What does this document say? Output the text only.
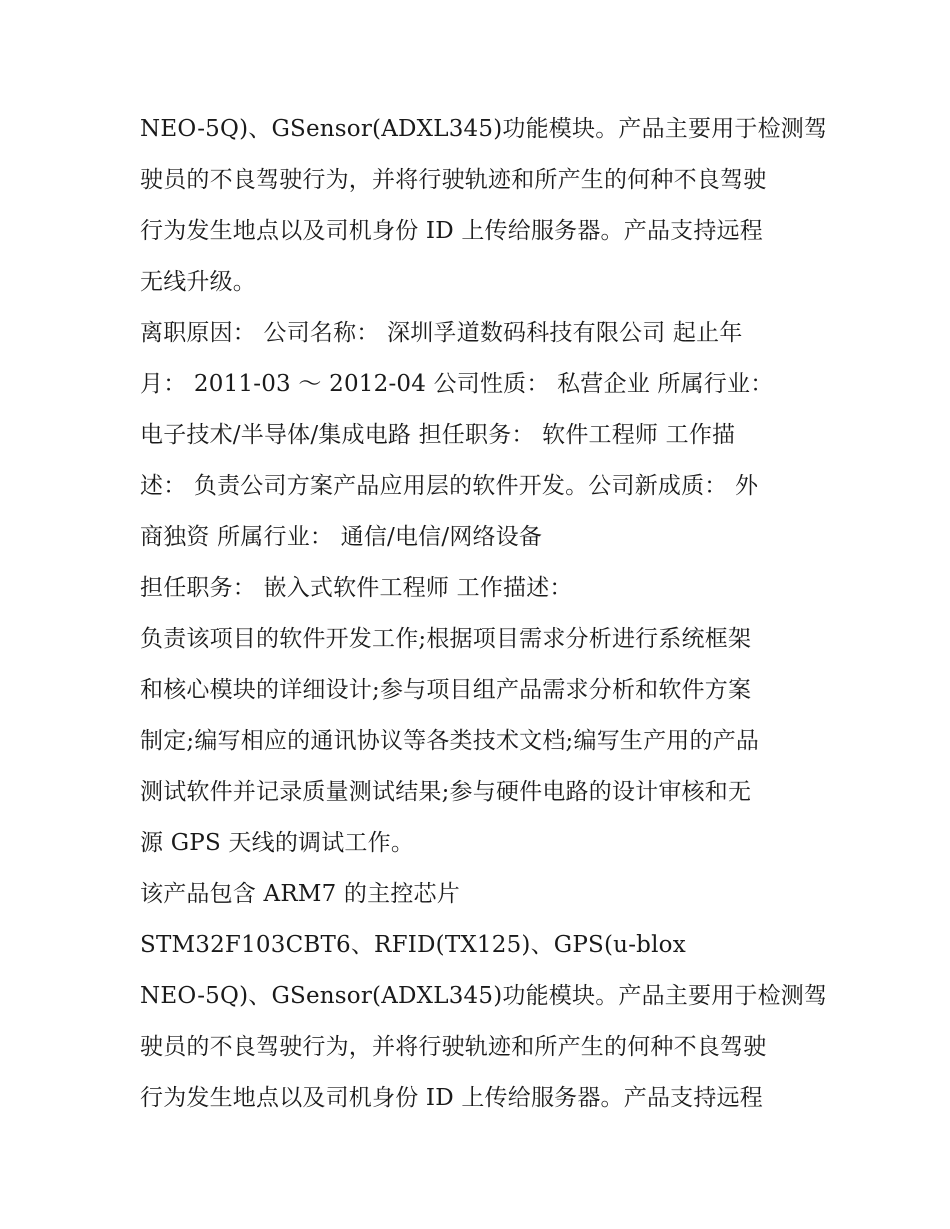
NEO-5Q)、GSensor(ADXL345)功能模块。产品主要用于检测驾
驶员的不良驾驶行为，并将行驶轨迹和所产生的何种不良驾驶
行为发生地点以及司机身份 ID 上传给服务器。产品支持远程
无线升级。
离职原因： 公司名称： 深圳孚道数码科技有限公司 起止年
月： 2011-03 ～ 2012-04 公司性质： 私营企业 所属行业：
电子技术/半导体/集成电路 担任职务： 软件工程师 工作描
述： 负责公司方案产品应用层的软件开发。公司新成质： 外
商独资 所属行业： 通信/电信/网络设备
担任职务： 嵌入式软件工程师 工作描述：
负责该项目的软件开发工作;根据项目需求分析进行系统框架
和核心模块的详细设计;参与项目组产品需求分析和软件方案
制定;编写相应的通讯协议等各类技术文档;编写生产用的产品
测试软件并记录质量测试结果;参与硬件电路的设计审核和无
源 GPS 天线的调试工作。
该产品包含 ARM7 的主控芯片
STM32F103CBT6、RFID(TX125)、GPS(u-blox
NEO-5Q)、GSensor(ADXL345)功能模块。产品主要用于检测驾
驶员的不良驾驶行为，并将行驶轨迹和所产生的何种不良驾驶
行为发生地点以及司机身份 ID 上传给服务器。产品支持远程
